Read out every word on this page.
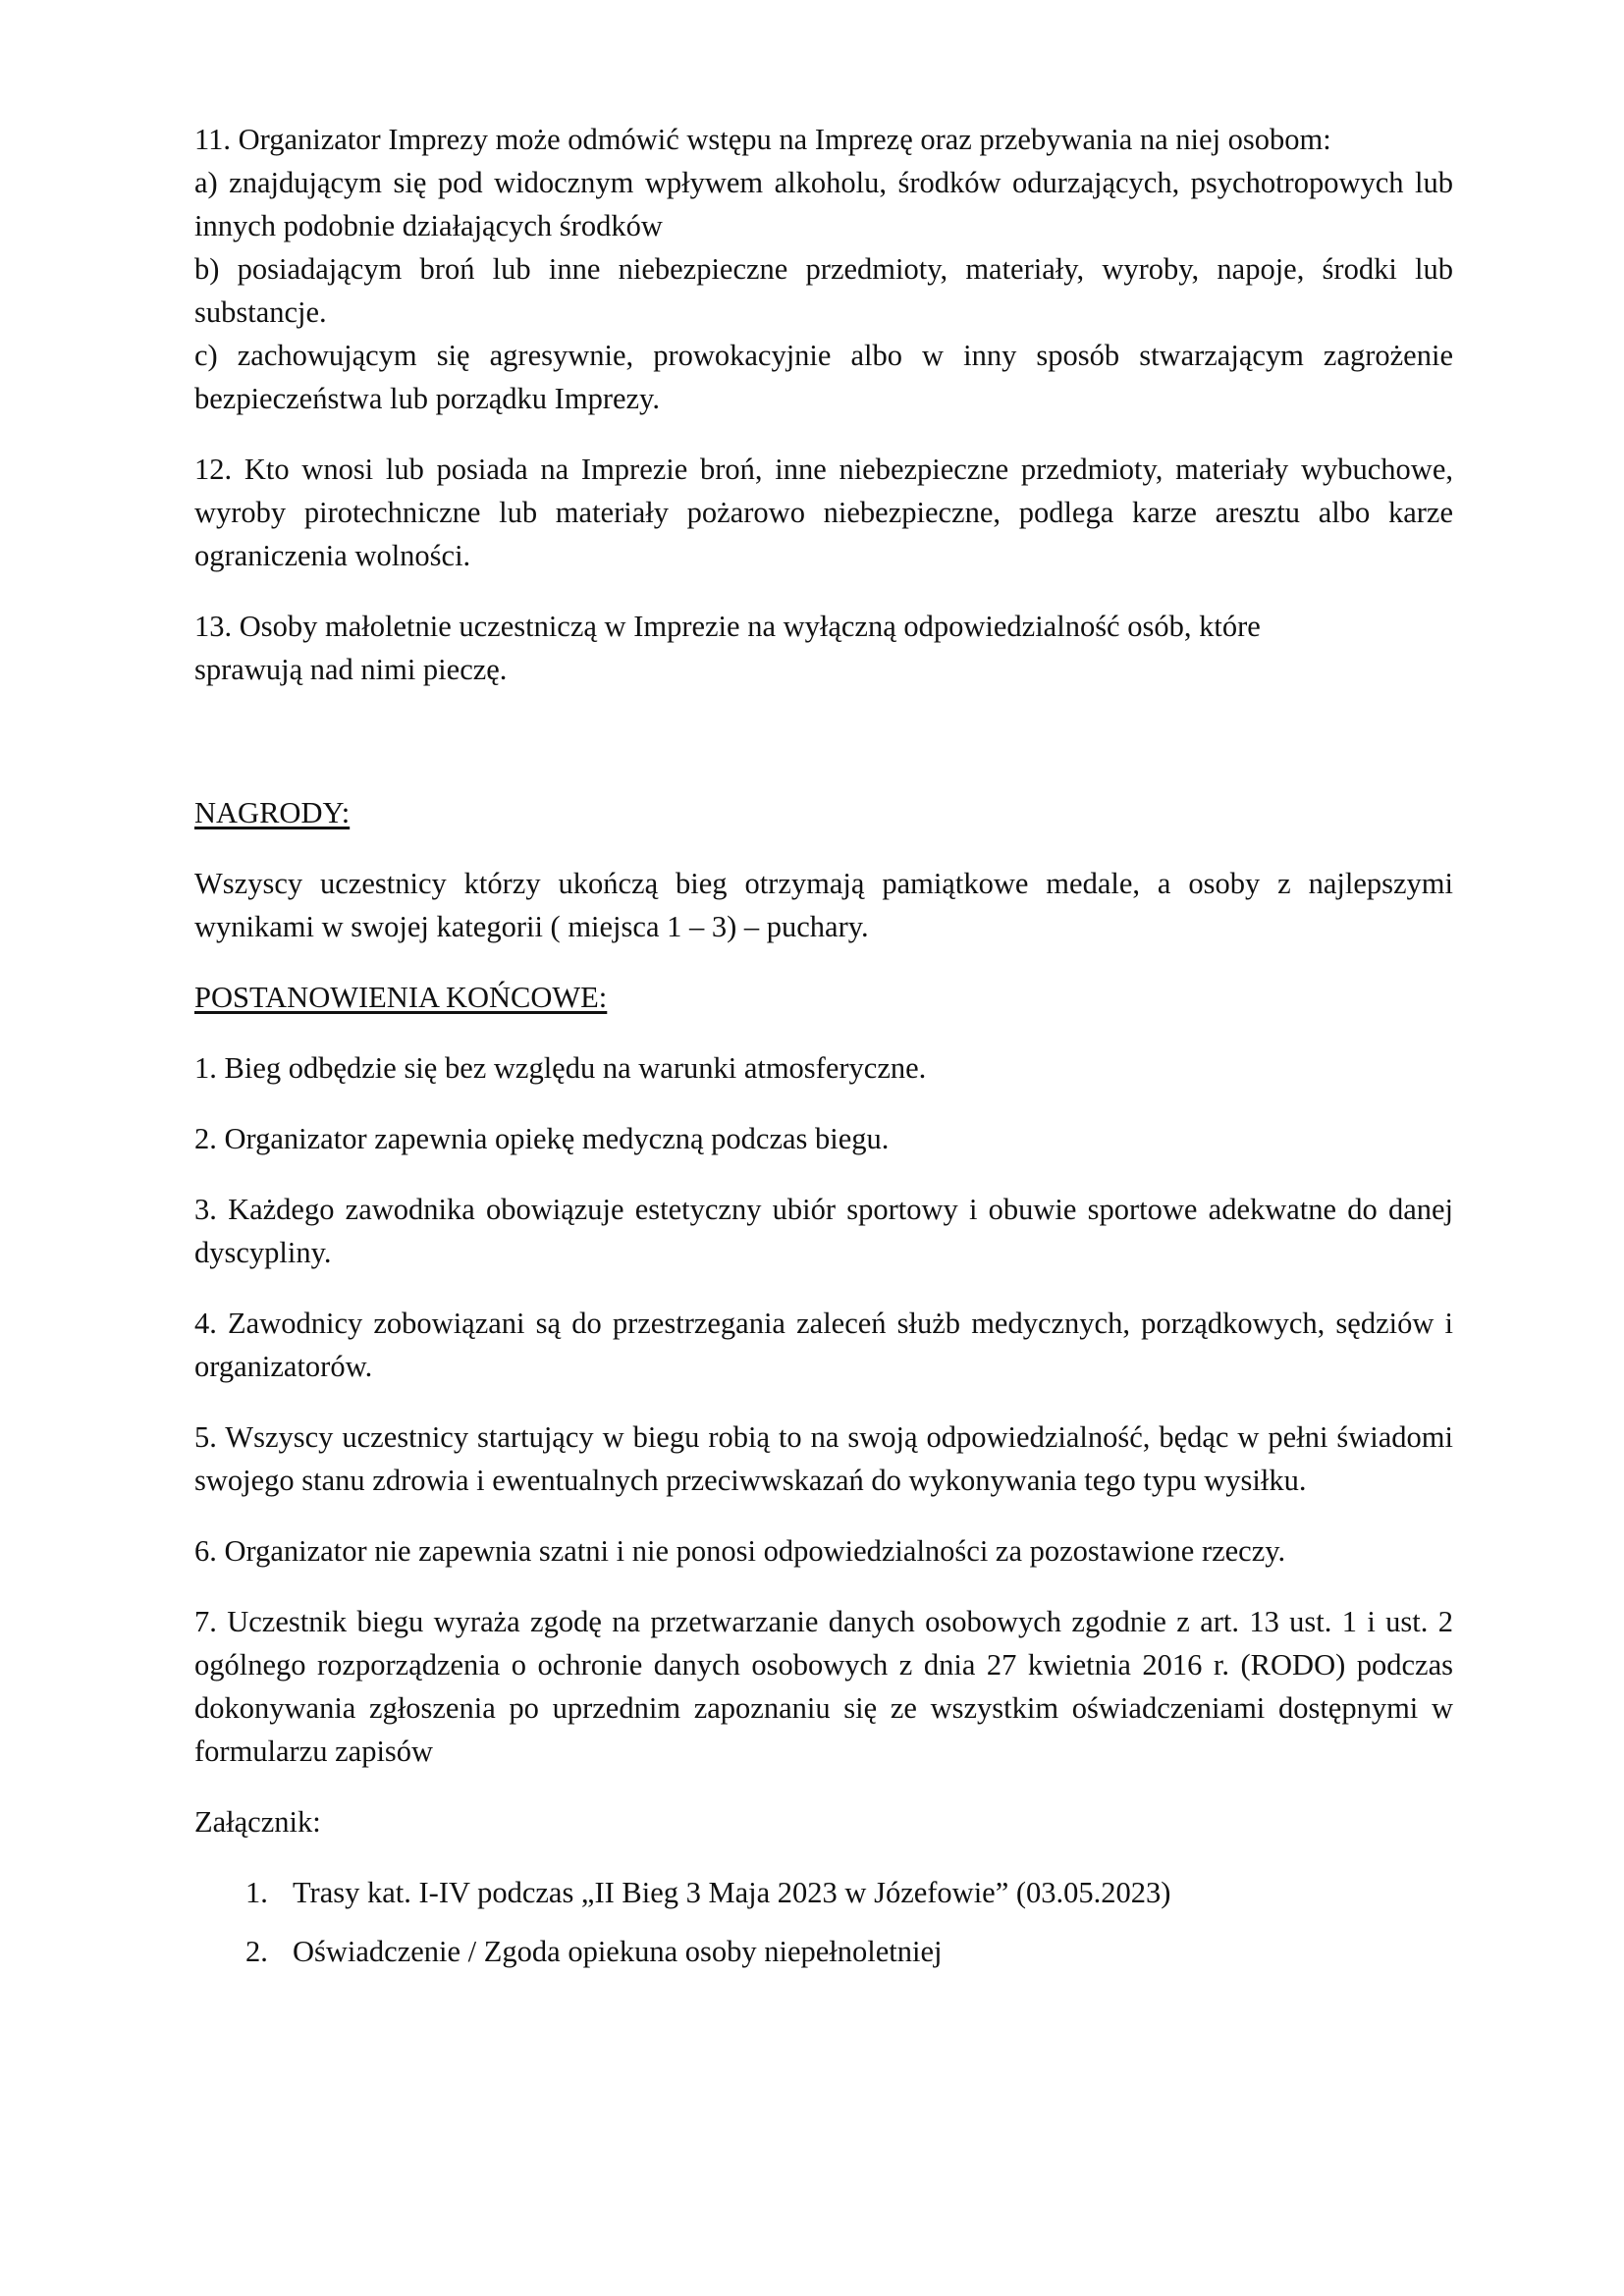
11. Organizator Imprezy może odmówić wstępu na Imprezę oraz przebywania na niej osobom:

a) znajdującym się pod widocznym wpływem alkoholu, środków odurzających, psychotropowych lub innych podobnie działających środków

b) posiadającym broń lub inne niebezpieczne przedmioty, materiały, wyroby, napoje, środki lub substancje.

c) zachowującym się agresywnie, prowokacyjnie albo w inny sposób stwarzającym zagrożenie bezpieczeństwa lub porządku Imprezy.

12. Kto wnosi lub posiada na Imprezie broń, inne niebezpieczne przedmioty, materiały wybuchowe, wyroby pirotechniczne lub materiały pożarowo niebezpieczne, podlega karze aresztu albo karze ograniczenia wolności.

13. Osoby małoletnie uczestniczą w Imprezie na wyłączną odpowiedzialność osób, które sprawują nad nimi pieczę.

NAGRODY:

Wszyscy uczestnicy którzy ukończą bieg otrzymają pamiątkowe medale, a osoby z najlepszymi wynikami w swojej kategorii ( miejsca 1 – 3) – puchary.

POSTANOWIENIA KOŃCOWE:

1. Bieg odbędzie się bez względu na warunki atmosferyczne.

2. Organizator zapewnia opiekę medyczną podczas biegu.

3. Każdego zawodnika obowiązuje estetyczny ubiór sportowy i obuwie sportowe adekwatne do danej dyscypliny.

4. Zawodnicy zobowiązani są do przestrzegania zaleceń służb medycznych, porządkowych, sędziów i organizatorów.

5. Wszyscy uczestnicy startujący w biegu robią to na swoją odpowiedzialność, będąc w pełni świadomi swojego stanu zdrowia i ewentualnych przeciwwskazań do wykonywania tego typu wysiłku.

6. Organizator nie zapewnia szatni i nie ponosi odpowiedzialności za pozostawione rzeczy.

7. Uczestnik biegu wyraża zgodę na przetwarzanie danych osobowych zgodnie z art. 13 ust. 1 i ust. 2 ogólnego rozporządzenia o ochronie danych osobowych z dnia 27 kwietnia 2016 r. (RODO) podczas dokonywania zgłoszenia po uprzednim zapoznaniu się ze wszystkim oświadczeniami dostępnymi w formularzu zapisów

Załącznik:

1. Trasy kat. I-IV podczas „II Bieg 3 Maja 2023 w Józefowie” (03.05.2023)
2. Oświadczenie / Zgoda opiekuna osoby niepełnoletniej
